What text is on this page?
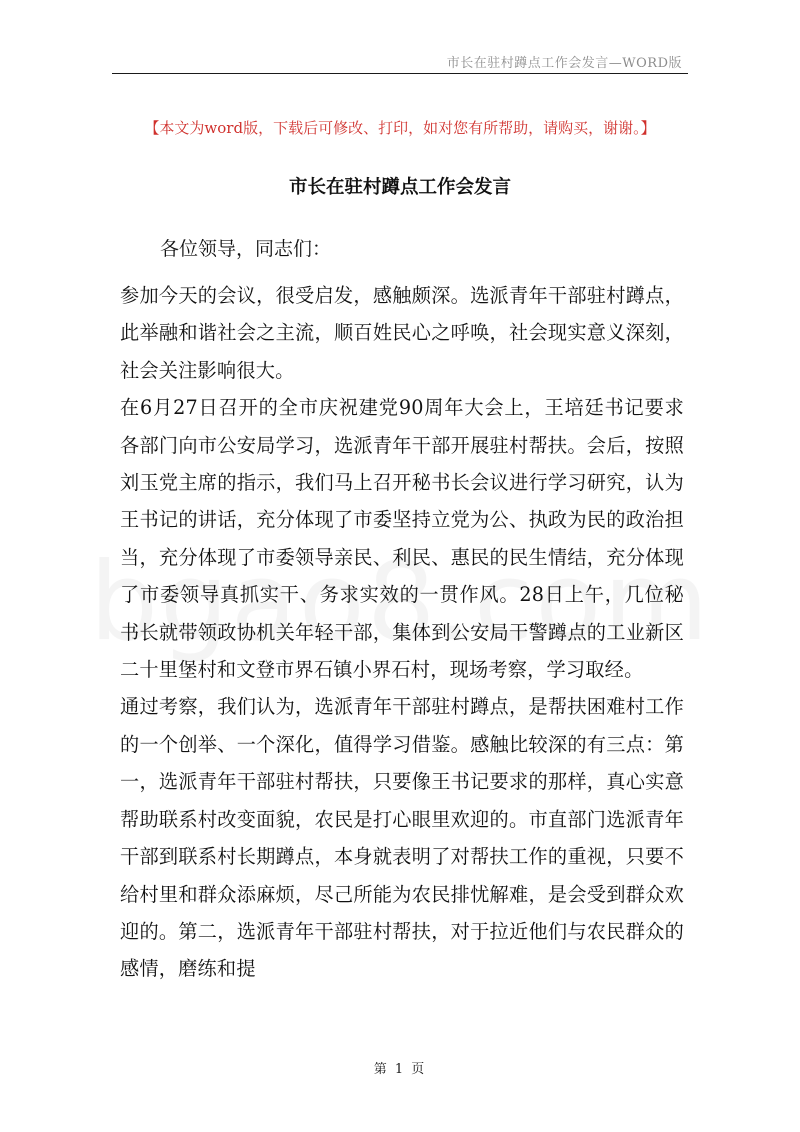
市长在驻村蹲点工作会发言—WORD版
【本文为word版，下载后可修改、打印，如对您有所帮助，请购买，谢谢。】
市长在驻村蹲点工作会发言
各位领导，同志们：

参加今天的会议，很受启发，感触颇深。选派青年干部驻村蹲点，此举融和谐社会之主流，顺百姓民心之呼唤，社会现实意义深刻，社会关注影响很大。

在6月27日召开的全市庆祝建党90周年大会上，王培廷书记要求各部门向市公安局学习，选派青年干部开展驻村帮扶。会后，按照刘玉党主席的指示，我们马上召开秘书长会议进行学习研究，认为王书记的讲话，充分体现了市委坚持立党为公、执政为民的政治担当，充分体现了市委领导亲民、利民、惠民的民生情结，充分体现了市委领导真抓实干、务求实效的一贯作风。28日上午，几位秘书长就带领政协机关年轻干部，集体到公安局干警蹲点的工业新区二十里堡村和文登市界石镇小界石村，现场考察，学习取经。

通过考察，我们认为，选派青年干部驻村蹲点，是帮扶困难村工作的一个创举、一个深化，值得学习借鉴。感触比较深的有三点：第一，选派青年干部驻村帮扶，只要像王书记要求的那样，真心实意帮助联系村改变面貌，农民是打心眼里欢迎的。市直部门选派青年干部到联系村长期蹲点，本身就表明了对帮扶工作的重视，只要不给村里和群众添麻烦，尽己所能为农民排忧解难，是会受到群众欢迎的。第二，选派青年干部驻村帮扶，对于拉近他们与农民群众的感情，磨练和提

第 1 页
